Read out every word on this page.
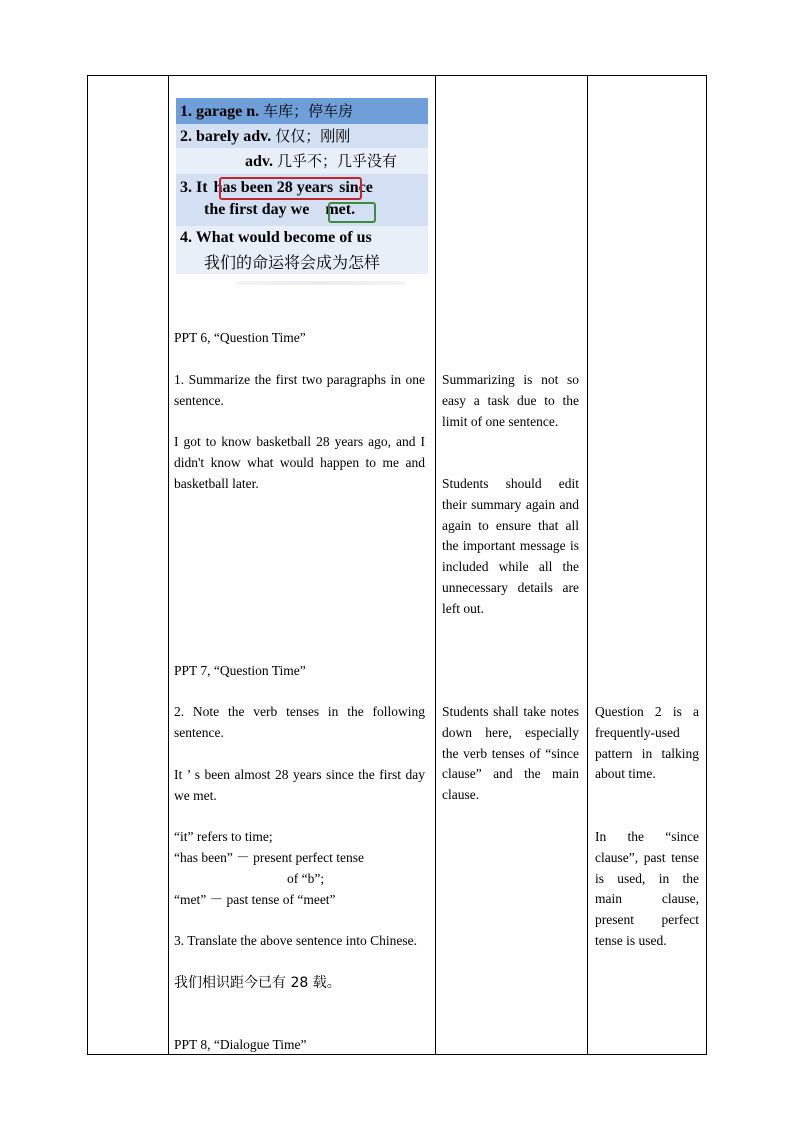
1. garage n. 车库；停车房
2. barely adv. 仅仅；刚刚
adv. 几乎不；几乎没有
3. It has been 28 years since
the first day we met.
4. What would become of us
我们的命运将会成为怎样

PPT 6, “Question Time”

1. Summarize the first two paragraphs in one sentence.

I got to know basketball 28 years ago, and I didn't know what would happen to me and basketball later.

PPT 7, “Question Time”

2. Note the verb tenses in the following sentence.

It ’ s been almost 28 years since the first day we met.

“it” refers to time;

“has been” － present perfect tense

of “b”;

“met” － past tense of “meet”

3. Translate the above sentence into Chinese.

我们相识距今已有 28 载。

PPT 8, “Dialogue Time”

Summarizing is not so easy a task due to the limit of one sentence.

Students should edit their summary again and again to ensure that all the important message is included while all the unnecessary details are left out.

Students shall take notes down here, especially the verb tenses of “since clause” and the main clause.

Question 2 is a frequently-used pattern in talking about time.

In the “since clause”, past tense is used, in the main clause, present perfect tense is used.
